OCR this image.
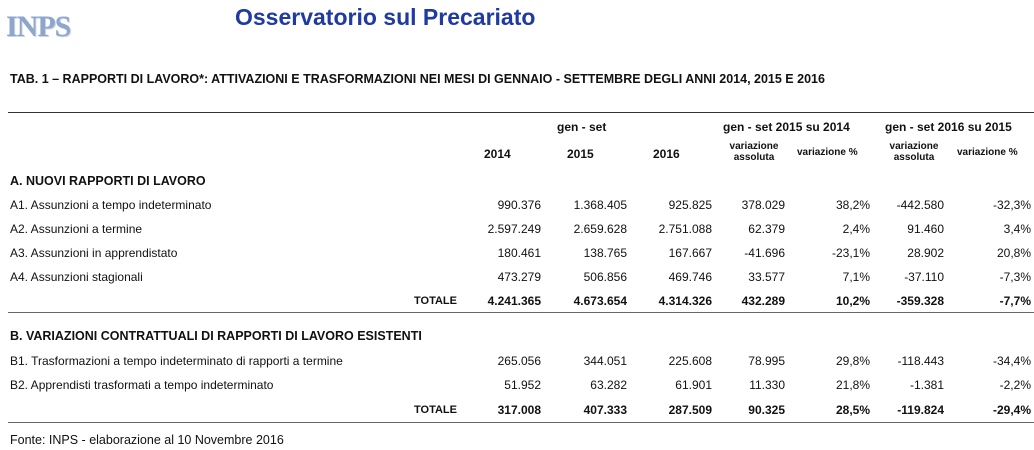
INPS	Osservatorio sul Precariato
TAB. 1 – RAPPORTI DI LAVORO*: ATTIVAZIONI E TRASFORMAZIONI NEI MESI DI GENNAIO - SETTEMBRE DEGLI ANNI 2014, 2015 E 2016
gen - set	gen - set 2015 su 2014	gen - set 2016 su 2015
2014	2015	2016
variazione
assoluta	variazione %
variazione
assoluta	variazione %
A. NUOVI RAPPORTI DI LAVORO
A1. Assunzioni a tempo indeterminato	990.376	1.368.405	925.825	378.029	38,2%	-442.580	-32,3%
A2. Assunzioni a termine	2.597.249	2.659.628	2.751.088	62.379	2,4%	91.460	3,4%
A3. Assunzioni in apprendistato	180.461	138.765	167.667	-41.696	-23,1%	28.902	20,8%
A4. Assunzioni stagionali	473.279	506.856	469.746	33.577	7,1%	-37.110	-7,3%
TOTALE	4.241.365	4.673.654	4.314.326	432.289	10,2%	-359.328	-7,7%
B. VARIAZIONI CONTRATTUALI DI RAPPORTI DI LAVORO ESISTENTI
B1. Trasformazioni a tempo indeterminato di rapporti a termine	265.056	344.051	225.608	78.995	29,8%	-118.443	-34,4%
B2. Apprendisti trasformati a tempo indeterminato	51.952	63.282	61.901	11.330	21,8%	-1.381	-2,2%
TOTALE	317.008	407.333	287.509	90.325	28,5%	-119.824	-29,4%
Fonte: INPS - elaborazione al 10 Novembre 2016
